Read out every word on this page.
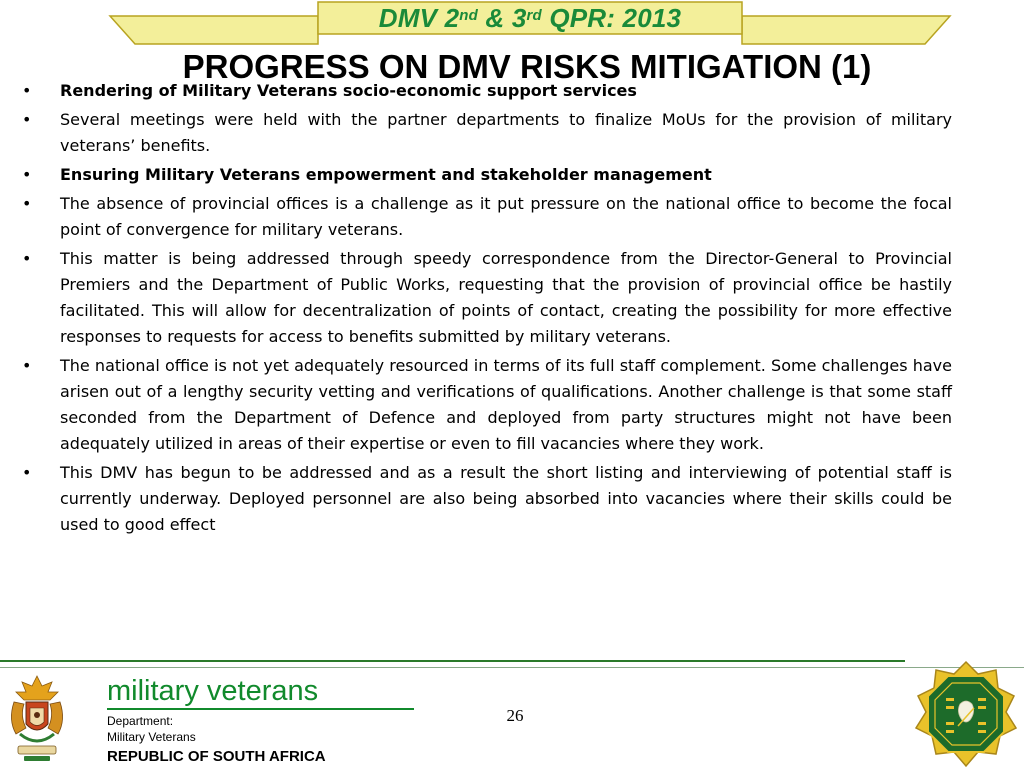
DMV 2nd & 3rd QPR: 2013
PROGRESS ON DMV RISKS MITIGATION (1)
•	Rendering of Military Veterans socio-economic support services
•	Several meetings were held with the partner departments to finalize MoUs for the provision of military veterans’ benefits.
•	Ensuring Military Veterans empowerment and stakeholder management
•	The absence of provincial offices is a challenge as it put pressure on the national office to become the focal point of convergence for military veterans.
•	This matter is being addressed through speedy correspondence from the Director-General to Provincial Premiers and the Department of Public Works, requesting that the provision of provincial office be hastily facilitated. This will allow for decentralization of points of contact, creating the possibility for more effective responses to requests for access to benefits submitted by military veterans.
•	The national office is not yet adequately resourced in terms of its full staff complement. Some challenges have arisen out of a lengthy security vetting and verifications of qualifications. Another challenge is that some staff seconded from the Department of Defence and deployed from party structures might not have been adequately utilized in areas of their expertise or even to fill vacancies where they work.
•	This DMV has begun to be addressed and as a result the short listing and interviewing of potential staff is currently underway. Deployed personnel are also being absorbed into vacancies where their skills could be used to good effect
military veterans
Department:
Military Veterans
REPUBLIC OF SOUTH AFRICA
26
